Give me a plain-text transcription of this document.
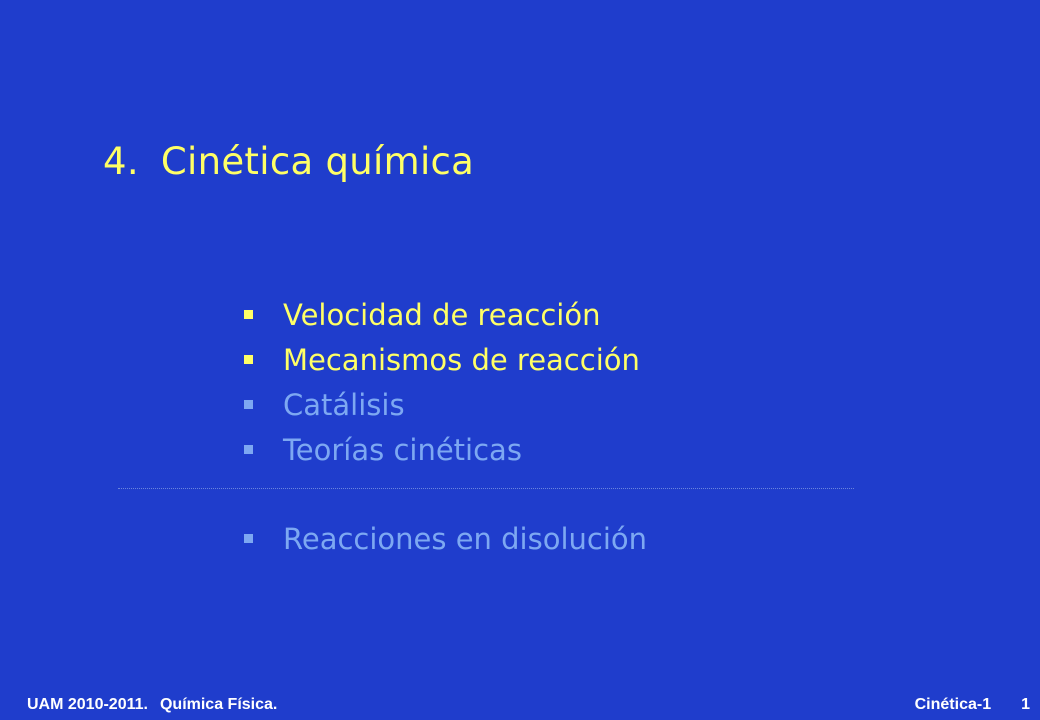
4. Cinética química
Velocidad de reacción
Mecanismos de reacción
Catálisis
Teorías cinéticas
Reacciones en disolución
UAM 2010-2011. Química Física.	Cinética-1 1
